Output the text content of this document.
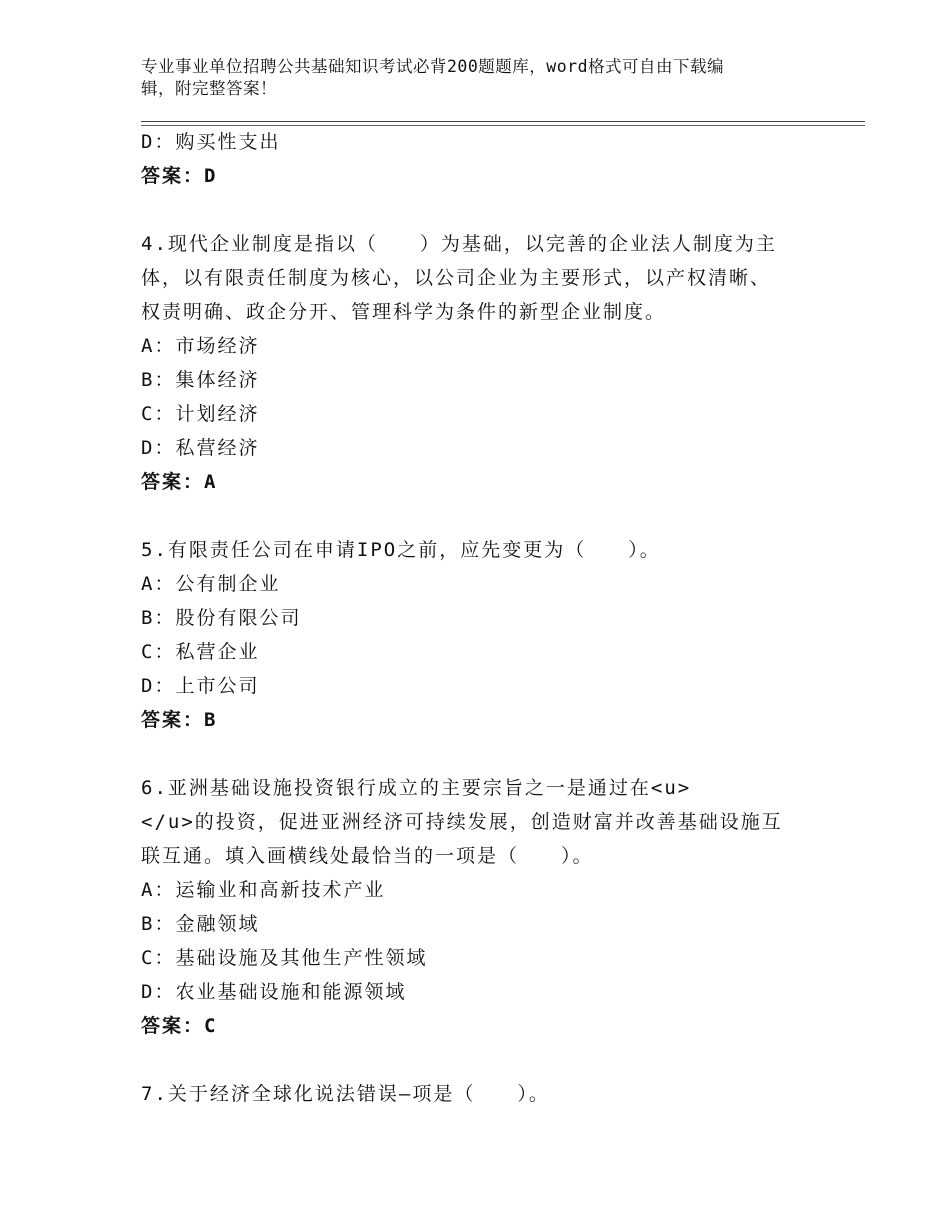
专业事业单位招聘公共基础知识考试必背200题题库，word格式可自由下载编
辑，附完整答案！
D：购买性支出
答案：D
4.现代企业制度是指以（　　）为基础，以完善的企业法人制度为主
体，以有限责任制度为核心，以公司企业为主要形式，以产权清晰、
权责明确、政企分开、管理科学为条件的新型企业制度。
A：市场经济
B：集体经济
C：计划经济
D：私营经济
答案：A
5.有限责任公司在申请IPO之前，应先变更为（　　）。
A：公有制企业
B：股份有限公司
C：私营企业
D：上市公司
答案：B
6.亚洲基础设施投资银行成立的主要宗旨之一是通过在<u>
</u>的投资，促进亚洲经济可持续发展，创造财富并改善基础设施互
联互通。填入画横线处最恰当的一项是（　　）。
A：运输业和高新技术产业
B：金融领域
C：基础设施及其他生产性领域
D：农业基础设施和能源领域
答案：C
7.关于经济全球化说法错误—项是（　　）。
